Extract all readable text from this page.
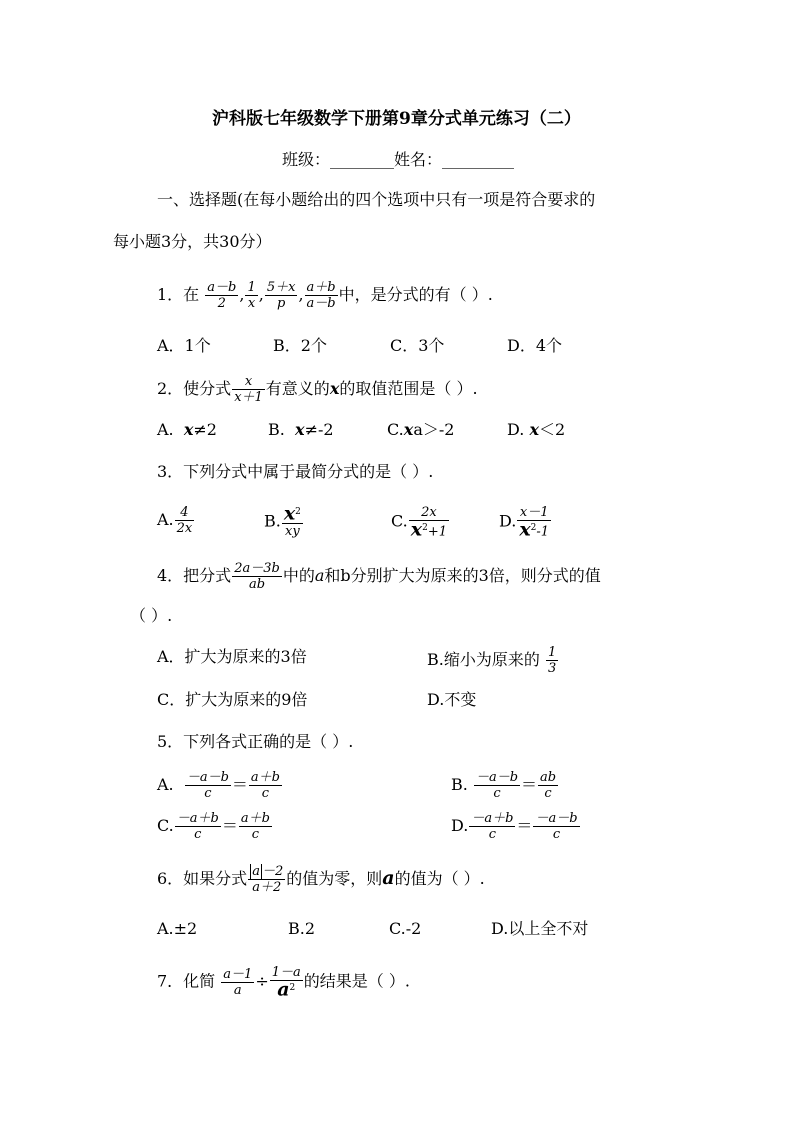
沪科版七年级数学下册第9章分式单元练习（二）
班级：________姓名：_________
一、选择题(在每小题给出的四个选项中只有一项是符合要求的
每小题3分，共30分）
1．在 $\frac{a-b}{2}$ , $\frac{1}{x}$ , $\frac{5+x}{p}$ , $\frac{a+b}{a-b}$ 中，是分式的有（ ）.
A．1个	B．2个	C．3个	D．4个
2．使分式 $\frac{x}{x+1}$ 有意义的x的取值范围是（ ）.
A. x≠2	B. x≠-2	C.xa＞-2	D. x＜2
3．下列分式中属于最简分式的是（ ）.
A. $\frac{4}{2x}$	B. $\frac{x^2}{xy}$	C. $\frac{2x}{x^2+1}$	D. $\frac{x-1}{x^2-1}$
4．把分式 $\frac{2a-3b}{ab}$ 中的a和b分别扩大为原来的3倍，则分式的值
（ ）.
A．扩大为原来的3倍	B.缩小为原来的 $\frac{1}{3}$
C．扩大为原来的9倍	D.不变
5．下列各式正确的是（ ）.
A. $\frac{-a-b}{c} = \frac{a+b}{c}$	B. $\frac{-a-b}{c} = \frac{ab}{c}$
C. $\frac{-a+b}{c} = \frac{a+b}{c}$	D. $\frac{-a+b}{c} = \frac{-a-b}{c}$
6．如果分式 $\frac{a -2}{a+2}$ 的值为零，则a的值为（ ）.
A.±2	B.2	C.-2	D.以上全不对
7．化简 $\frac{a-1}{a} \div \frac{1-a}{a^2}$ 的结果是（ ）.
